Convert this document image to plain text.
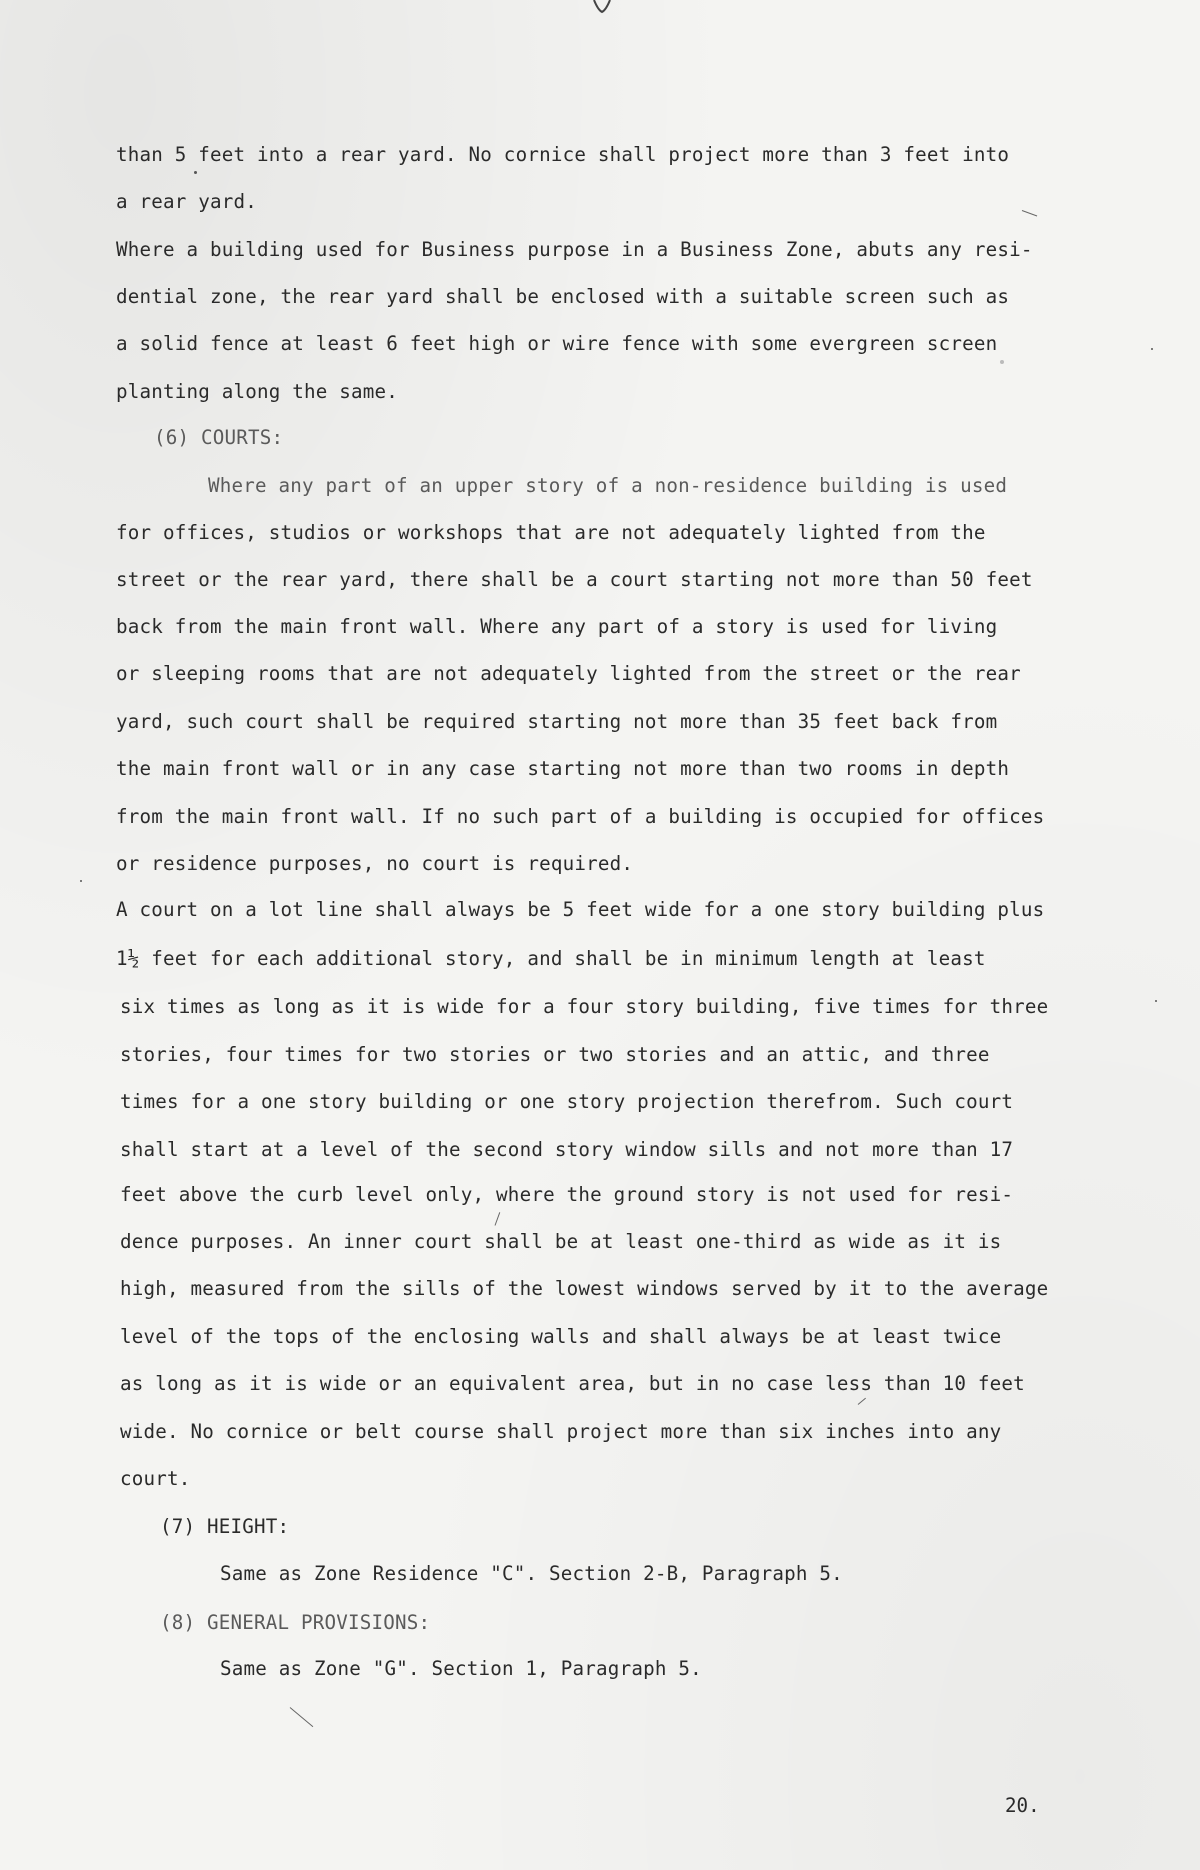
than 5 feet into a rear yard. No cornice shall project more than 3 feet into
a rear yard.
Where a building used for Business purpose in a Business Zone, abuts any resi-
dential zone, the rear yard shall be enclosed with a suitable screen such as
a solid fence at least 6 feet high or wire fence with some evergreen screen
planting along the same.
(6) COURTS:
Where any part of an upper story of a non-residence building is used
for offices, studios or workshops that are not adequately lighted from the
street or the rear yard, there shall be a court starting not more than 50 feet
back from the main front wall. Where any part of a story is used for living
or sleeping rooms that are not adequately lighted from the street or the rear
yard, such court shall be required starting not more than 35 feet back from
the main front wall or in any case starting not more than two rooms in depth
from the main front wall. If no such part of a building is occupied for offices
or residence purposes, no court is required.
A court on a lot line shall always be 5 feet wide for a one story building plus
1½ feet for each additional story, and shall be in minimum length at least
six times as long as it is wide for a four story building, five times for three
stories, four times for two stories or two stories and an attic, and three
times for a one story building or one story projection therefrom. Such court
shall start at a level of the second story window sills and not more than 17
feet above the curb level only, where the ground story is not used for resi-
dence purposes. An inner court shall be at least one-third as wide as it is
high, measured from the sills of the lowest windows served by it to the average
level of the tops of the enclosing walls and shall always be at least twice
as long as it is wide or an equivalent area, but in no case less than 10 feet
wide. No cornice or belt course shall project more than six inches into any
court.
(7) HEIGHT:
Same as Zone Residence "C". Section 2-B, Paragraph 5.
(8) GENERAL PROVISIONS:
Same as Zone "G". Section 1, Paragraph 5.
20.
